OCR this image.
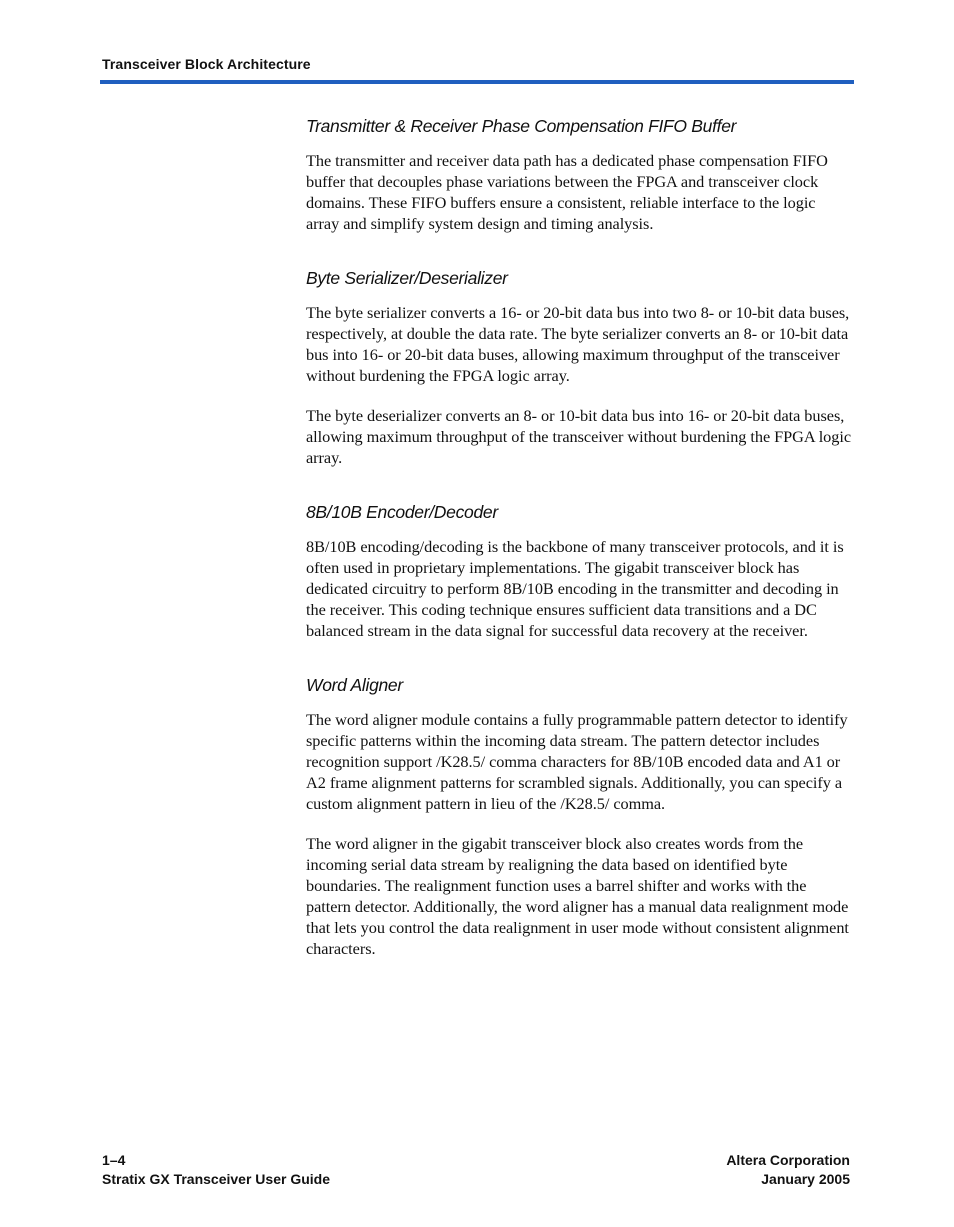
Transceiver Block Architecture
Transmitter & Receiver Phase Compensation FIFO Buffer

The transmitter and receiver data path has a dedicated phase compensation FIFO buffer that decouples phase variations between the FPGA and transceiver clock domains. These FIFO buffers ensure a consistent, reliable interface to the logic array and simplify system design and timing analysis.

Byte Serializer/Deserializer

The byte serializer converts a 16- or 20-bit data bus into two 8- or 10-bit data buses, respectively, at double the data rate. The byte serializer converts an 8- or 10-bit data bus into 16- or 20-bit data buses, allowing maximum throughput of the transceiver without burdening the FPGA logic array.

The byte deserializer converts an 8- or 10-bit data bus into 16- or 20-bit data buses, allowing maximum throughput of the transceiver without burdening the FPGA logic array.

8B/10B Encoder/Decoder

8B/10B encoding/decoding is the backbone of many transceiver protocols, and it is often used in proprietary implementations. The gigabit transceiver block has dedicated circuitry to perform 8B/10B encoding in the transmitter and decoding in the receiver. This coding technique ensures sufficient data transitions and a DC balanced stream in the data signal for successful data recovery at the receiver.

Word Aligner

The word aligner module contains a fully programmable pattern detector to identify specific patterns within the incoming data stream. The pattern detector includes recognition support /K28.5/ comma characters for 8B/10B encoded data and A1 or A2 frame alignment patterns for scrambled signals. Additionally, you can specify a custom alignment pattern in lieu of the /K28.5/ comma.

The word aligner in the gigabit transceiver block also creates words from the incoming serial data stream by realigning the data based on identified byte boundaries. The realignment function uses a barrel shifter and works with the pattern detector. Additionally, the word aligner has a manual data realignment mode that lets you control the data realignment in user mode without consistent alignment characters.

1–4
Stratix GX Transceiver User Guide
Altera Corporation
January 2005
